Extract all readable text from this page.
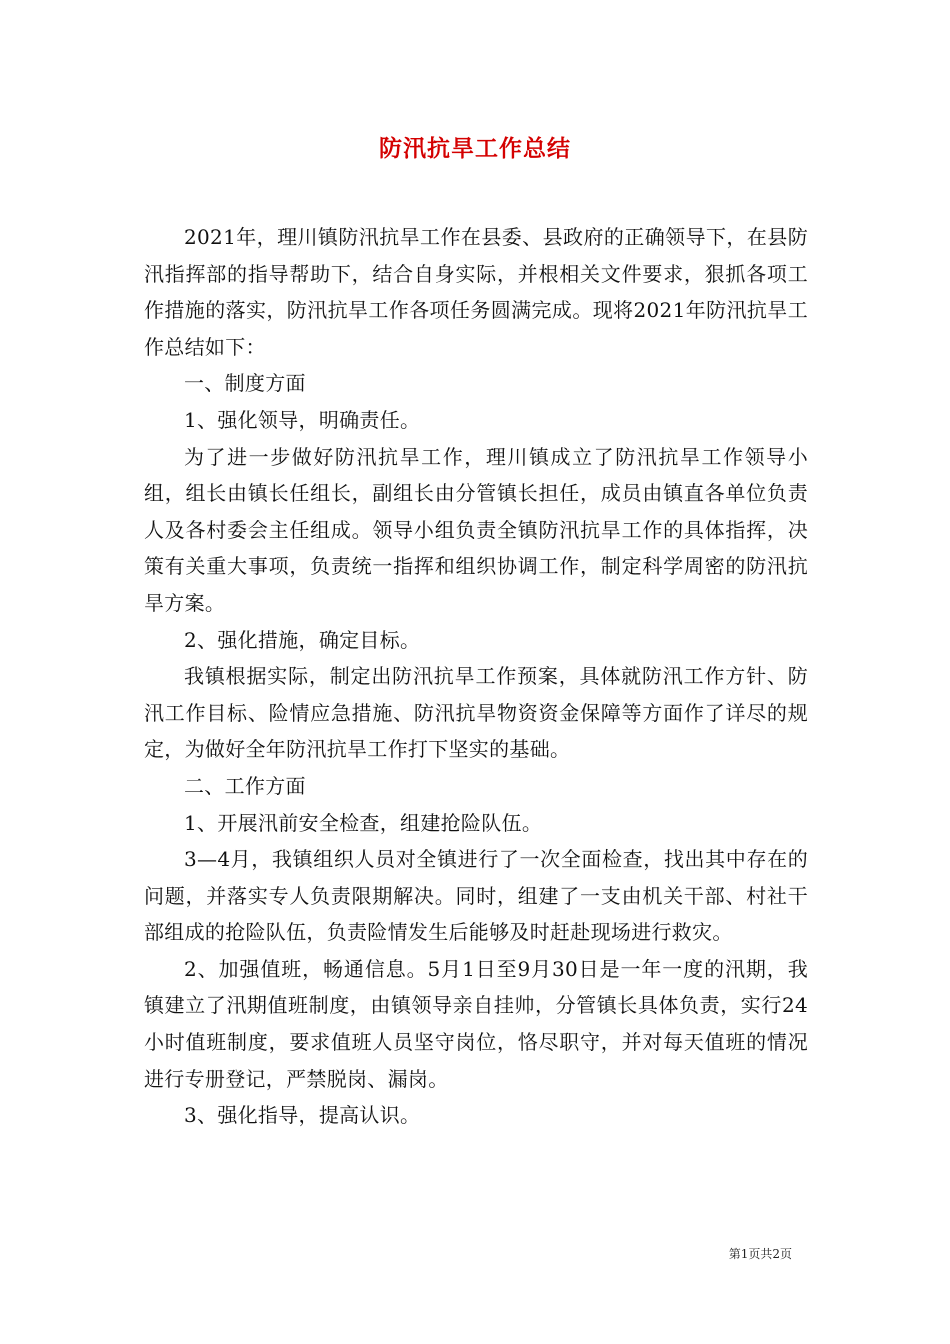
防汛抗旱工作总结

2021年，理川镇防汛抗旱工作在县委、县政府的正确领导下，在县防汛指挥部的指导帮助下，结合自身实际，并根相关文件要求，狠抓各项工作措施的落实，防汛抗旱工作各项任务圆满完成。现将2021年防汛抗旱工作总结如下：

一、制度方面

1、强化领导，明确责任。

为了进一步做好防汛抗旱工作，理川镇成立了防汛抗旱工作领导小组，组长由镇长任组长，副组长由分管镇长担任，成员由镇直各单位负责人及各村委会主任组成。领导小组负责全镇防汛抗旱工作的具体指挥，决策有关重大事项，负责统一指挥和组织协调工作，制定科学周密的防汛抗旱方案。

2、强化措施，确定目标。

我镇根据实际，制定出防汛抗旱工作预案，具体就防汛工作方针、防汛工作目标、险情应急措施、防汛抗旱物资资金保障等方面作了详尽的规定，为做好全年防汛抗旱工作打下坚实的基础。

二、工作方面

1、开展汛前安全检查，组建抢险队伍。

3—4月，我镇组织人员对全镇进行了一次全面检查，找出其中存在的问题，并落实专人负责限期解决。同时，组建了一支由机关干部、村社干部组成的抢险队伍，负责险情发生后能够及时赶赴现场进行救灾。

2、加强值班，畅通信息。5月1日至9月30日是一年一度的汛期，我镇建立了汛期值班制度，由镇领导亲自挂帅，分管镇长具体负责，实行24小时值班制度，要求值班人员坚守岗位，恪尽职守，并对每天值班的情况进行专册登记，严禁脱岗、漏岗。

3、强化指导，提高认识。

第1页共2页
